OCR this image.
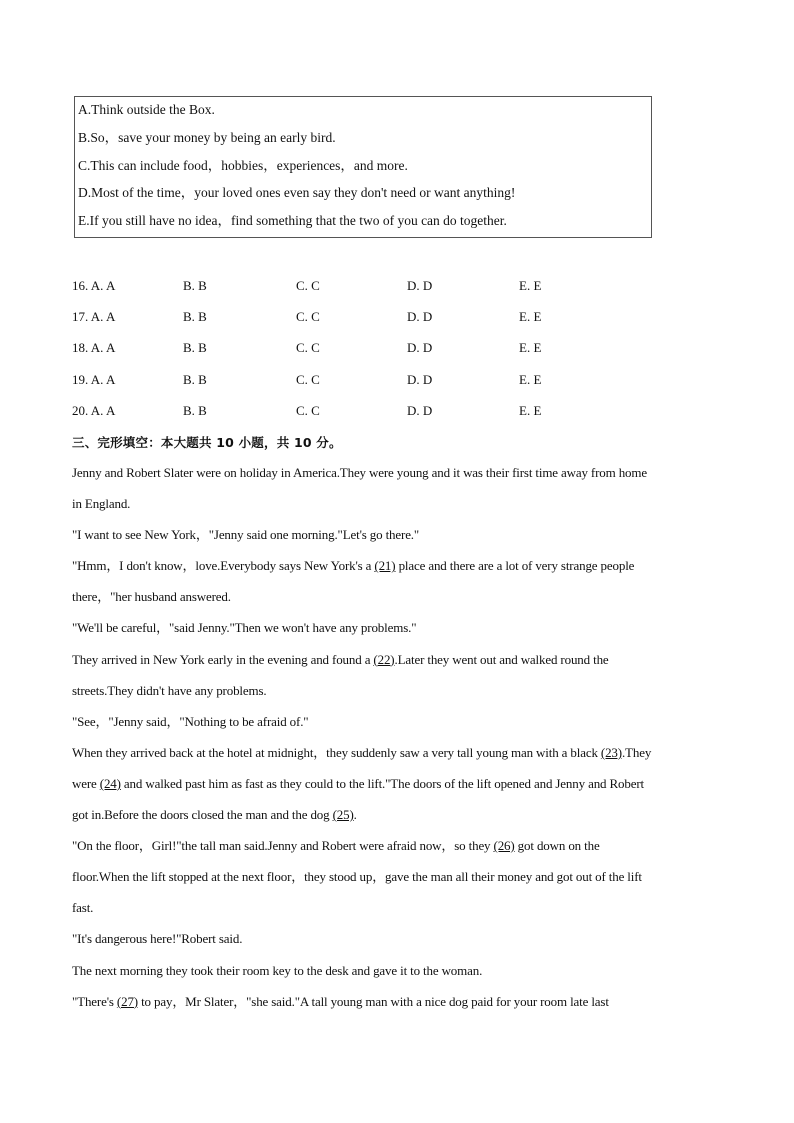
A.Think outside the Box.
B.So，save your money by being an early bird.
C.This can include food，hobbies，experiences，and more.
D.Most of the time，your loved ones even say they don't need or want anything!
E.If you still have no idea，find something that the two of you can do together.
16. A. A	B. B	C. C	D. D	E. E
17. A. A	B. B	C. C	D. D	E. E
18. A. A	B. B	C. C	D. D	E. E
19. A. A	B. B	C. C	D. D	E. E
20. A. A	B. B	C. C	D. D	E. E
三、完形填空：本大题共 10 小题，共 10 分。
Jenny and Robert Slater were on holiday in America.They were young and it was their first time away from home
in England.
"I want to see New York，"Jenny said one morning."Let's go there."
"Hmm，I don't know，love.Everybody says New York's a (21) place and there are a lot of very strange people
there，"her husband answered.
"We'll be careful，"said Jenny."Then we won't have any problems."
They arrived in New York early in the evening and found a (22).Later they went out and walked round the
streets.They didn't have any problems.
"See，"Jenny said，"Nothing to be afraid of."
When they arrived back at the hotel at midnight，they suddenly saw a very tall young man with a black (23).They
were (24) and walked past him as fast as they could to the lift."The doors of the lift opened and Jenny and Robert
got in.Before the doors closed the man and the dog (25).
"On the floor，Girl!"the tall man said.Jenny and Robert were afraid now，so they (26) got down on the
floor.When the lift stopped at the next floor，they stood up，gave the man all their money and got out of the lift
fast.
"It's dangerous here!"Robert said.
The next morning they took their room key to the desk and gave it to the woman.
"There's (27) to pay，Mr Slater，"she said."A tall young man with a nice dog paid for your room late last
